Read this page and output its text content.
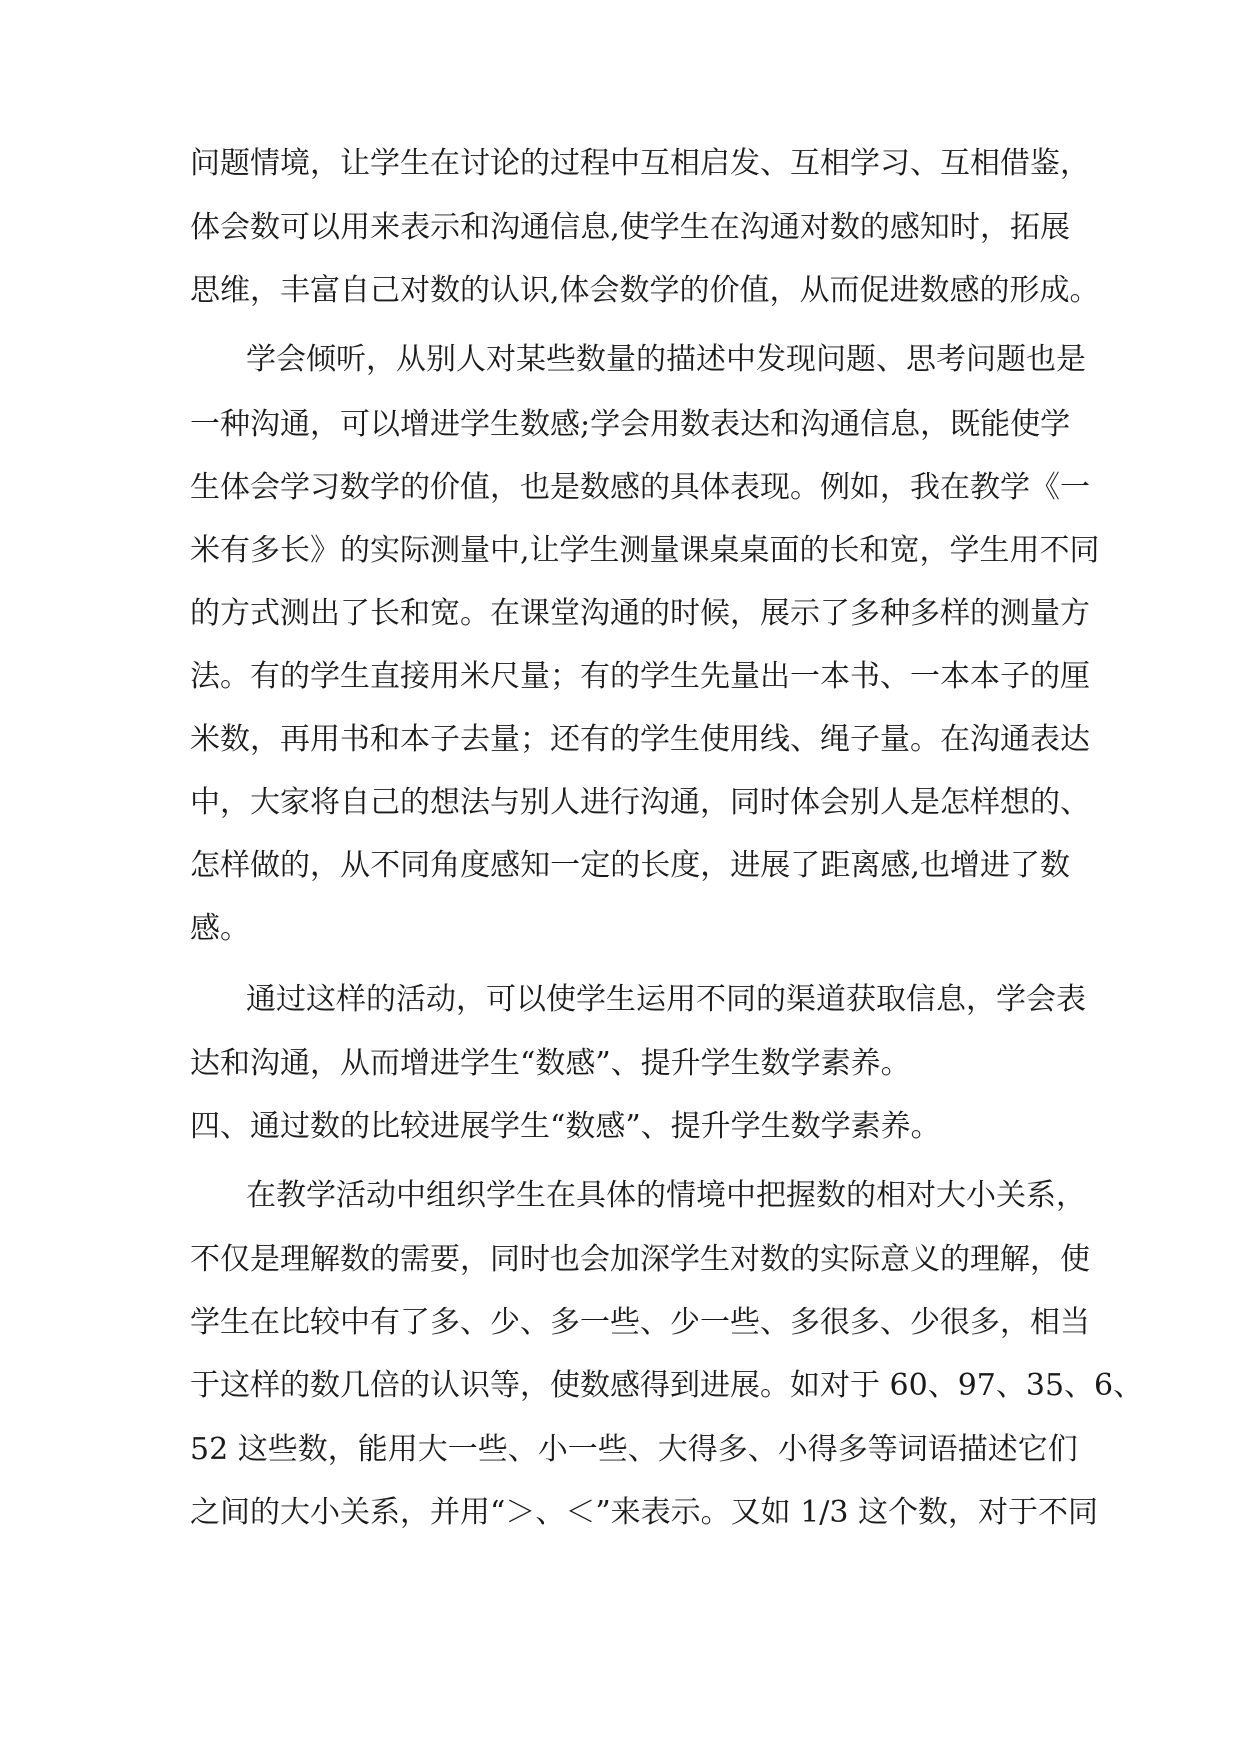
问题情境，让学生在讨论的过程中互相启发、互相学习、互相借鉴，
体会数可以用来表示和沟通信息,使学生在沟通对数的感知时，拓展
思维，丰富自己对数的认识,体会数学的价值，从而促进数感的形成。
学会倾听，从别人对某些数量的描述中发现问题、思考问题也是
一种沟通，可以增进学生数感;学会用数表达和沟通信息，既能使学
生体会学习数学的价值，也是数感的具体表现。例如，我在教学《一
米有多长》的实际测量中,让学生测量课桌桌面的长和宽，学生用不同
的方式测出了长和宽。在课堂沟通的时候，展示了多种多样的测量方
法。有的学生直接用米尺量；有的学生先量出一本书、一本本子的厘
米数，再用书和本子去量；还有的学生使用线、绳子量。在沟通表达
中，大家将自己的想法与别人进行沟通，同时体会别人是怎样想的、
怎样做的，从不同角度感知一定的长度，进展了距离感,也增进了数
感。
通过这样的活动，可以使学生运用不同的渠道获取信息，学会表
达和沟通，从而增进学生“数感”、提升学生数学素养。
四、通过数的比较进展学生“数感”、提升学生数学素养。
在教学活动中组织学生在具体的情境中把握数的相对大小关系，
不仅是理解数的需要，同时也会加深学生对数的实际意义的理解，使
学生在比较中有了多、少、多一些、少一些、多很多、少很多，相当
于这样的数几倍的认识等，使数感得到进展。如对于 60、97、35、6、
52 这些数，能用大一些、小一些、大得多、小得多等词语描述它们
之间的大小关系，并用“＞、＜”来表示。又如 1/3 这个数，对于不同
